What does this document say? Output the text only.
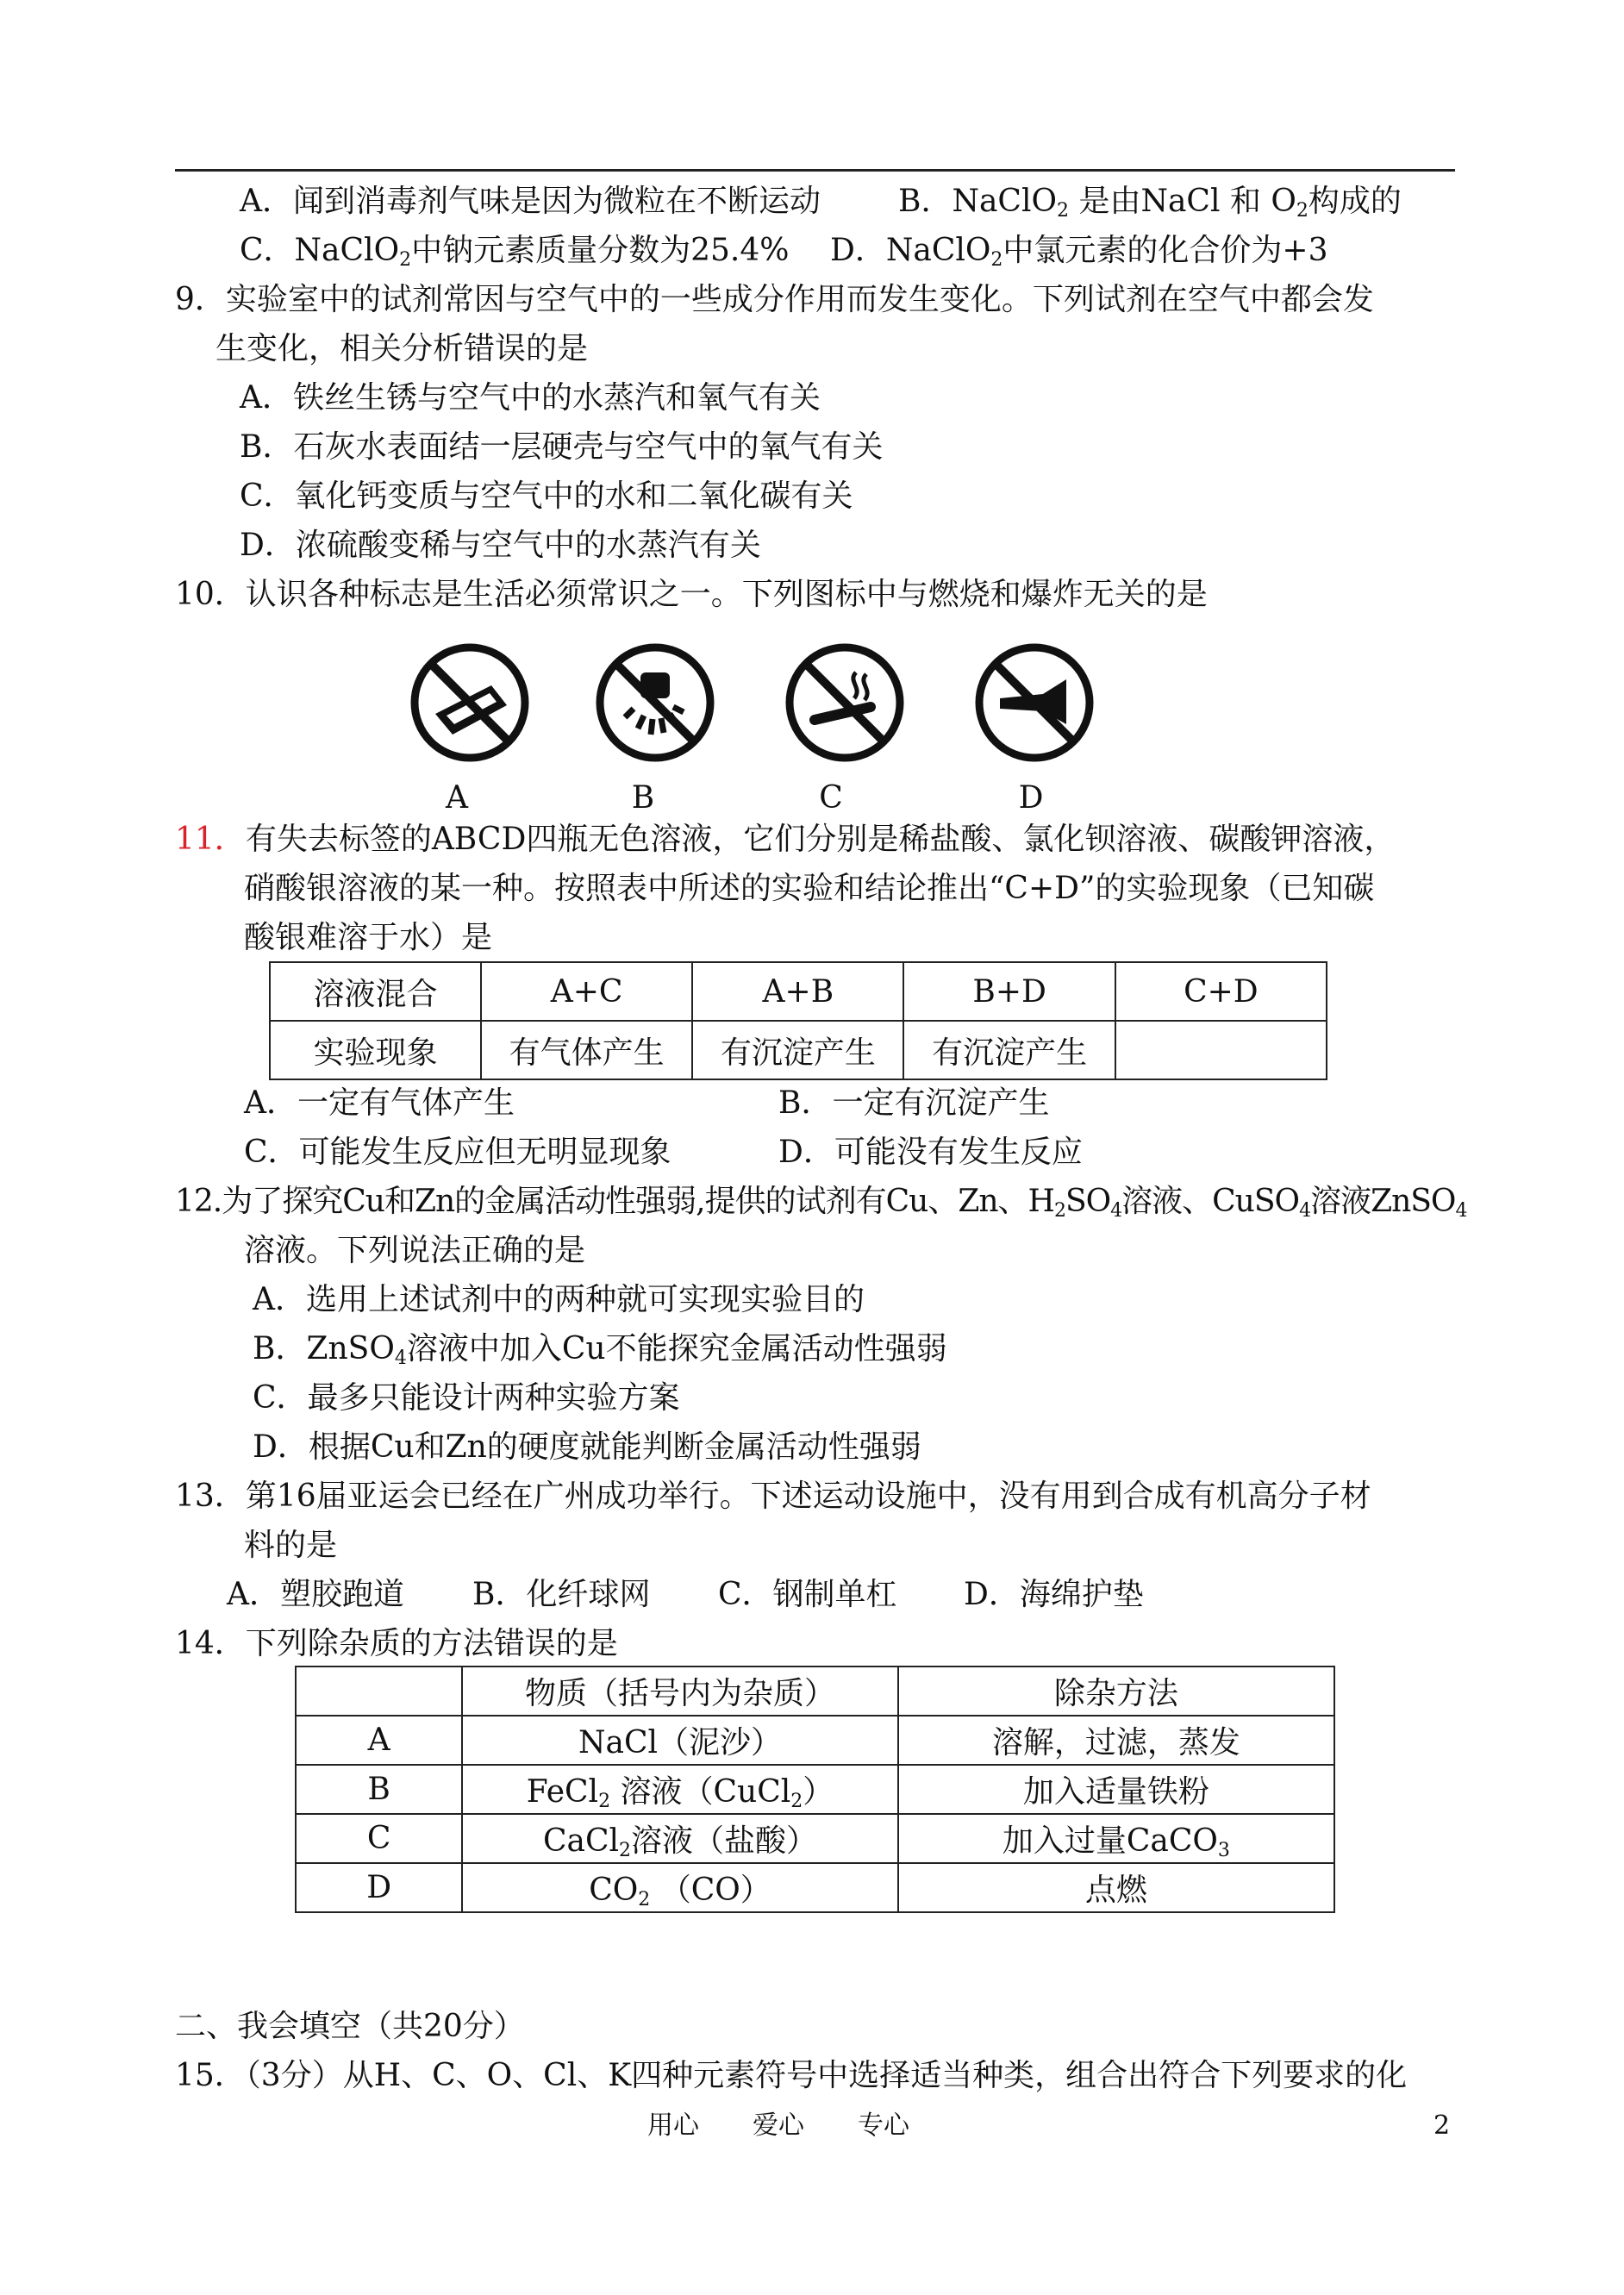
A．闻到消毒剂气味是因为微粒在不断运动	B．NaClO$_2$ 是由NaCl 和 $O_2$构成的
C．NaClO$_2$中钠元素质量分数为25.4% D．NaClO$_2$中氯元素的化合价为+3
9．实验室中的试剂常因与空气中的一些成分作用而发生变化。下列试剂在空气中都会发
生变化，相关分析错误的是
A．铁丝生锈与空气中的水蒸汽和氧气有关
B．石灰水表面结一层硬壳与空气中的氧气有关
C．氧化钙变质与空气中的水和二氧化碳有关
D．浓硫酸变稀与空气中的水蒸汽有关
10．认识各种标志是生活必须常识之一。下列图标中与燃烧和爆炸无关的是
A	B	C	D
11．有失去标签的ABCD四瓶无色溶液，它们分别是稀盐酸、氯化钡溶液、碳酸钾溶液，
硝酸银溶液的某一种。按照表中所述的实验和结论推出“C+D”的实验现象（已知碳
酸银难溶于水）是
溶液混合	A+C	A+B	B+D	C+D
实验现象	有气体产生	有沉淀产生	有沉淀产生	
A．一定有气体产生	B．一定有沉淀产生
C．可能发生反应但无明显现象	D．可能没有发生反应
12.为了探究Cu和Zn的金属活动性强弱,提供的试剂有Cu、Zn、$H_2SO_4$溶液、CuSO$_4$溶液ZnSO$_4$
溶液。下列说法正确的是
A．选用上述试剂中的两种就可实现实验目的
B．ZnSO$_4$溶液中加入Cu不能探究金属活动性强弱
C．最多只能设计两种实验方案
D．根据Cu和Zn的硬度就能判断金属活动性强弱
13．第16届亚运会已经在广州成功举行。下述运动设施中，没有用到合成有机高分子材
料的是
A．塑胶跑道 B．化纤球网 C．钢制单杠 D．海绵护垫
14．下列除杂质的方法错误的是
	物质（括号内为杂质）	除杂方法
A	NaCl（泥沙）	溶解，过滤，蒸发
B	FeCl$_2$ 溶液（CuCl$_2$）	加入适量铁粉
C	CaCl$_2$溶液（盐酸）	加入过量CaCO$_3$
D	$CO_2$ （CO）	点燃
二、我会填空（共20分）
15．（3分）从H、C、O、Cl、K四种元素符号中选择适当种类，组合出符合下列要求的化
用心 爱心 专心	2
